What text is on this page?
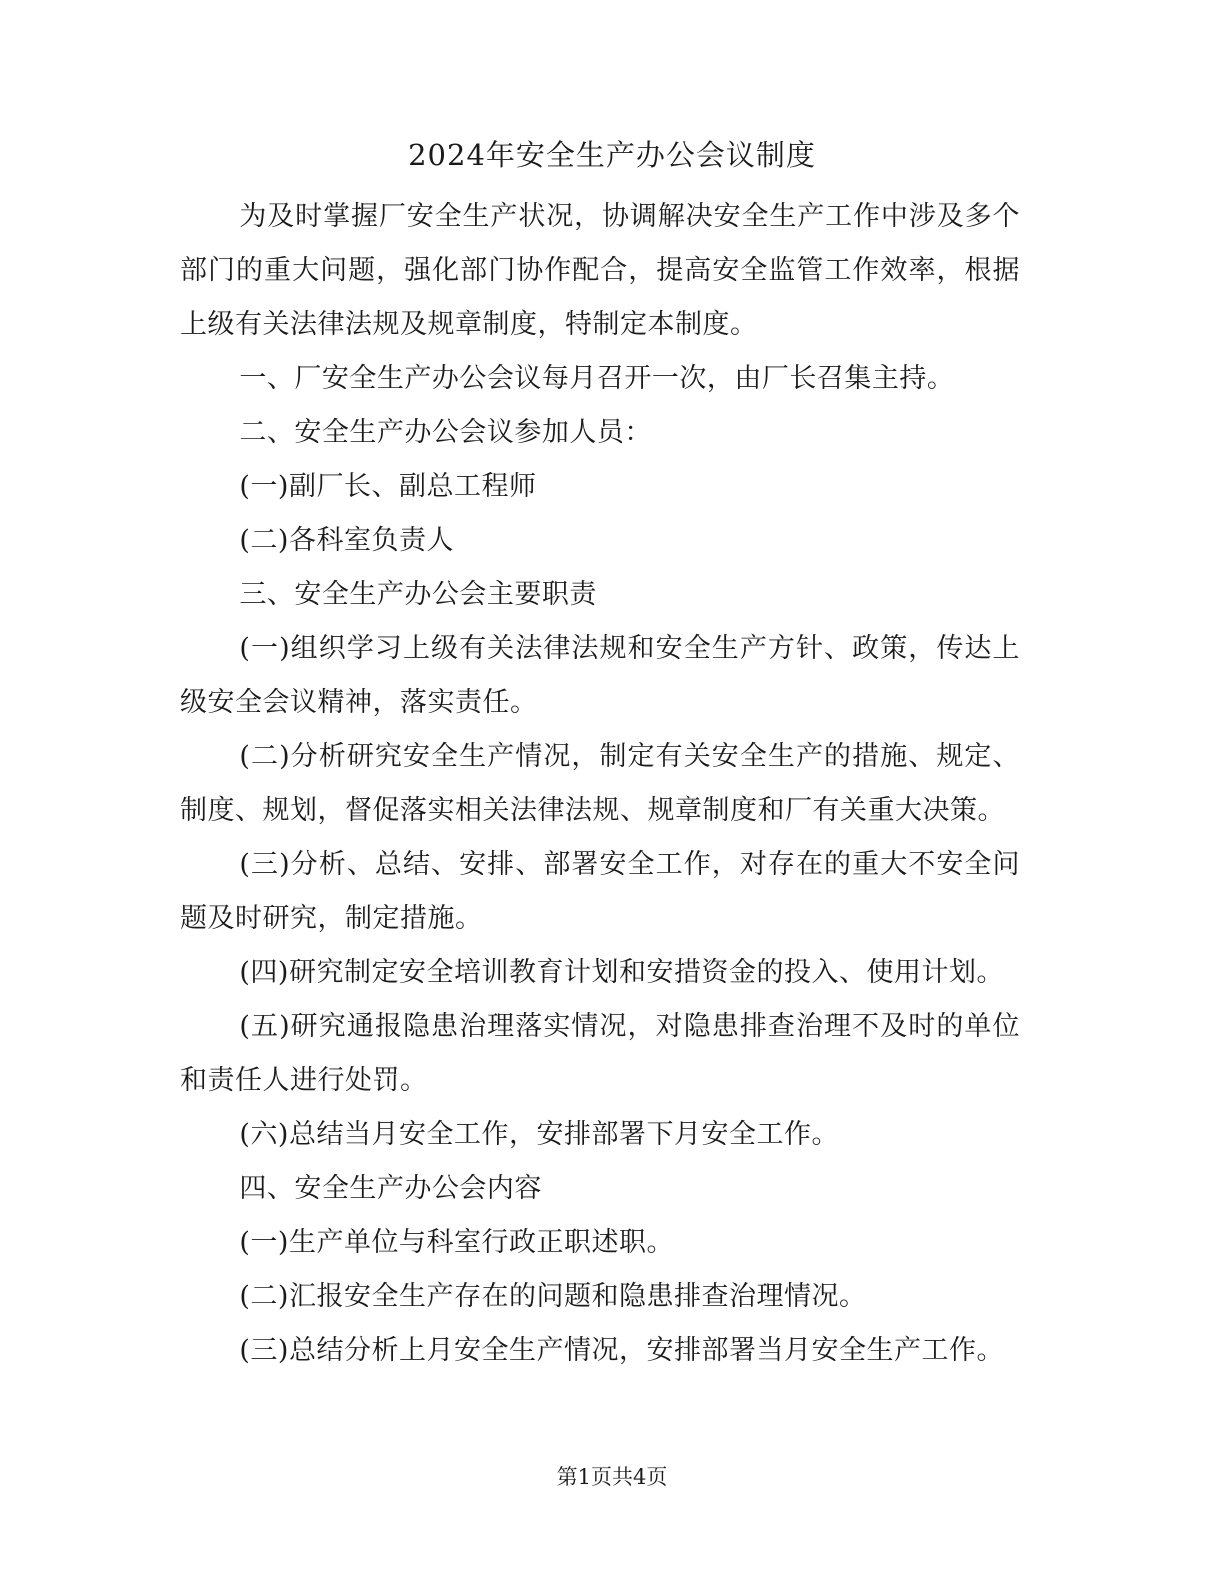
2024年安全生产办公会议制度

为及时掌握厂安全生产状况，协调解决安全生产工作中涉及多个部门的重大问题，强化部门协作配合，提高安全监管工作效率，根据上级有关法律法规及规章制度，特制定本制度。

一、厂安全生产办公会议每月召开一次，由厂长召集主持。

二、安全生产办公会议参加人员：

(一)副厂长、副总工程师

(二)各科室负责人

三、安全生产办公会主要职责

(一)组织学习上级有关法律法规和安全生产方针、政策，传达上级安全会议精神，落实责任。

(二)分析研究安全生产情况，制定有关安全生产的措施、规定、制度、规划，督促落实相关法律法规、规章制度和厂有关重大决策。

(三)分析、总结、安排、部署安全工作，对存在的重大不安全问题及时研究，制定措施。

(四)研究制定安全培训教育计划和安措资金的投入、使用计划。

(五)研究通报隐患治理落实情况，对隐患排查治理不及时的单位和责任人进行处罚。

(六)总结当月安全工作，安排部署下月安全工作。

四、安全生产办公会内容

(一)生产单位与科室行政正职述职。

(二)汇报安全生产存在的问题和隐患排查治理情况。

(三)总结分析上月安全生产情况，安排部署当月安全生产工作。

第1页共4页
